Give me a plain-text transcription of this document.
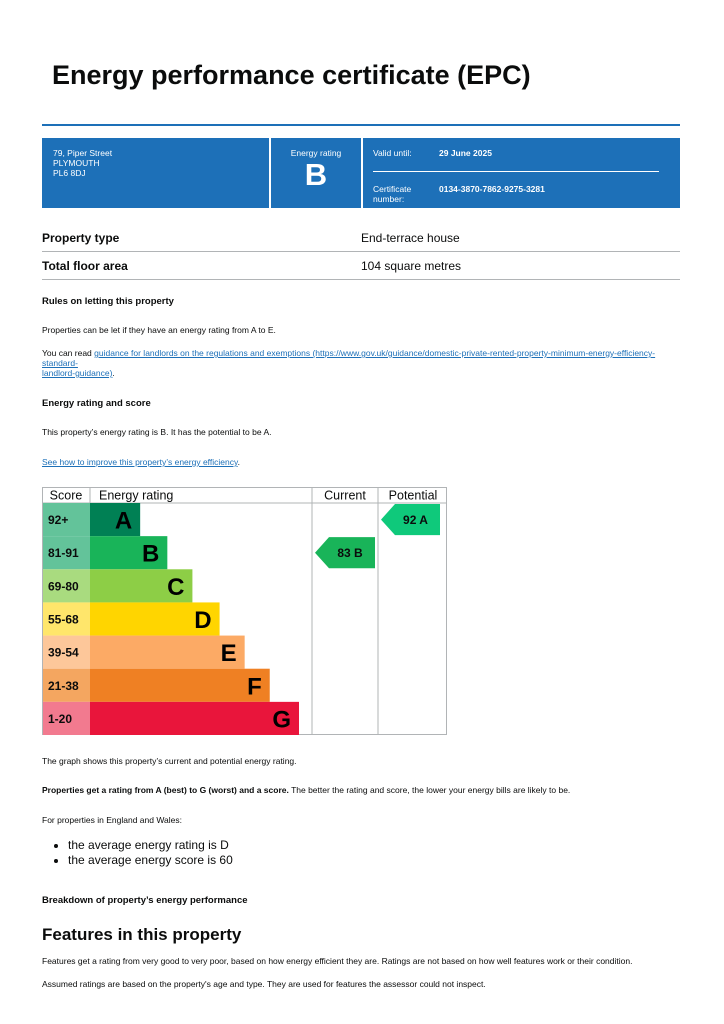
Energy performance certificate (EPC)
79, Piper Street
PLYMOUTH
PL6 8DJ
Energy rating
B
Valid until:	29 June 2025
Certificate
number:
0134-3870-7862-9275-3281
Property type	End-terrace house
Total floor area	104 square metres
Rules on letting this property

Properties can be let if they have an energy rating from A to E.

You can read guidance for landlords on the regulations and exemptions (https://www.gov.uk/guidance/domestic-private-rented-property-minimum-energy-efficiency-standard-
landlord-guidance).

Energy rating and score

This property’s energy rating is B. It has the potential to be A.

See how to improve this property’s energy efficiency.

Score Energy rating	Current Potential
92+ A
81-91	B
69-80	C
55-68	D
39-54	E
21-38	F
1-20	G
83 B
92 A

The graph shows this property’s current and potential energy rating.

Properties get a rating from A (best) to G (worst) and a score. The better the rating and score, the lower your energy bills are likely to be.

For properties in England and Wales:

• the average energy rating is D
• the average energy score is 60
Breakdown of property’s energy performance
Features in this property

Features get a rating from very good to very poor, based on how energy efficient they are. Ratings are not based on how well features work or their condition.

Assumed ratings are based on the property's age and type. They are used for features the assessor could not inspect.
